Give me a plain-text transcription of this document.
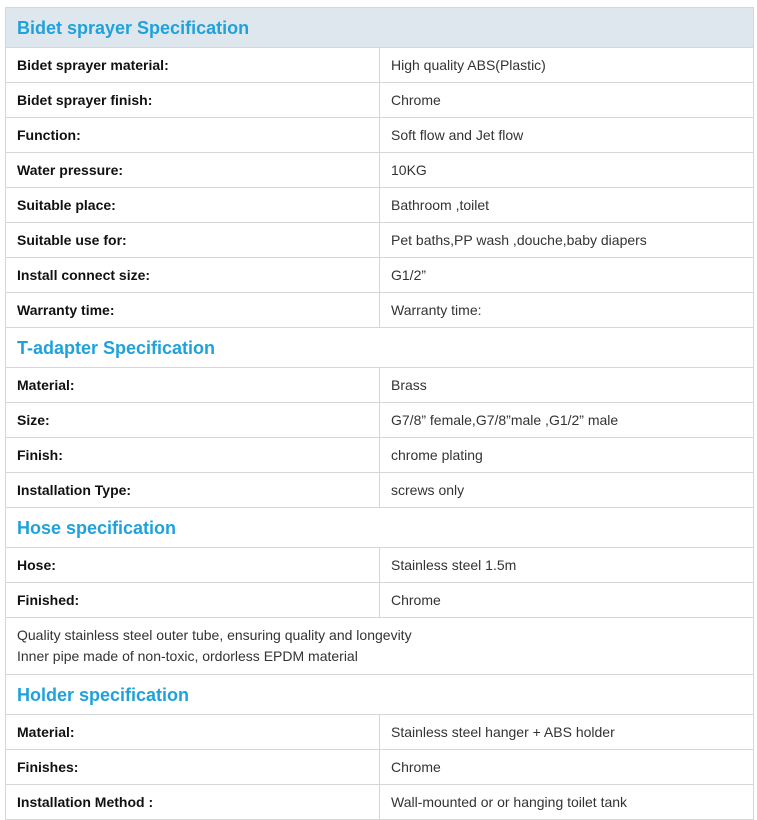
Bidet sprayer Specification	
Bidet sprayer material:	High quality ABS(Plastic)
Bidet sprayer finish:	Chrome
Function:	Soft flow and Jet flow
Water pressure:	10KG
Suitable place:	Bathroom ,toilet
Suitable use for:	Pet baths,PP wash ,douche,baby diapers
Install connect size:	G1/2”
Warranty time:	Warranty time:
T-adapter Specification	
Material:	Brass
Size:	G7/8” female,G7/8”male ,G1/2” male
Finish:	chrome plating
Installation Type:	screws only
Hose specification	
Hose:	Stainless steel 1.5m
Finished:	Chrome

Quality stainless steel outer tube, ensuring quality and longevity
Inner pipe made of non-toxic, ordorless EPDM material	

Holder specification	
Material:	Stainless steel hanger + ABS holder
Finishes:	Chrome
Installation Method :	Wall-mounted or or hanging toilet tank
